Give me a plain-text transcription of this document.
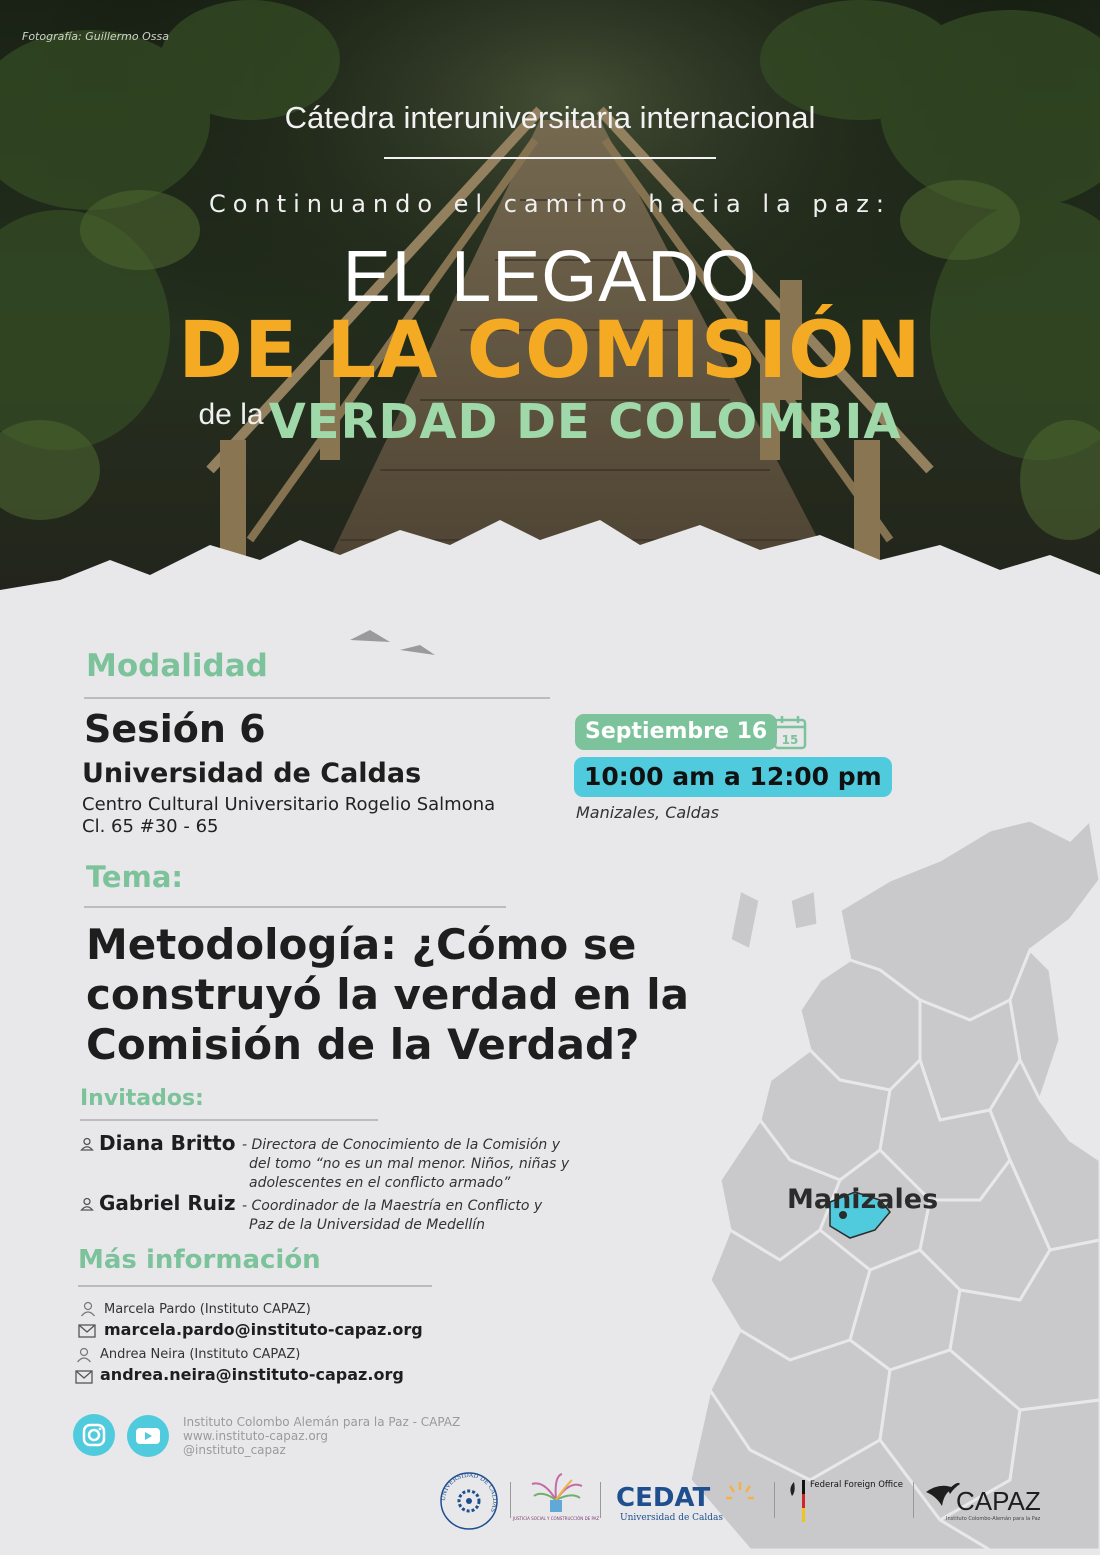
Fotografía: Guillermo Ossa
Cátedra interuniversitaria internacional
Continuando el camino hacia la paz:
EL LEGADO
DE LA COMISIÓN
de la VERDAD DE COLOMBIA
Manizales
Modalidad
Sesión 6
Universidad de Caldas
Centro Cultural Universitario Rogelio Salmona
Cl. 65 #30 - 65
Septiembre 16	15
10:00 am a 12:00 pm
Manizales, Caldas
Tema:
Metodología: ¿Cómo se
construyó la verdad en la
Comisión de la Verdad?
Invitados:
Diana Britto - Directora de Conocimiento de la Comisión y
del tomo “no es un mal menor. Niños, niñas y
adolescentes en el conflicto armado”
Gabriel Ruiz - Coordinador de la Maestría en Conflicto y
Paz de la Universidad de Medellín
Más información
Marcela Pardo (Instituto CAPAZ)
marcela.pardo@instituto-capaz.org
Andrea Neira (Instituto CAPAZ)
andrea.neira@instituto-capaz.org
Instituto Colombo Alemán para la Paz - CAPAZ
www.instituto-capaz.org
@instituto_capaz
UNIVERSIDAD DE CALDAS
JUSTICIA SOCIAL Y CONSTRUCCIÓN DE PAZ
CEDAT
Universidad de Caldas
Federal Foreign Office
CAPAZ
Instituto Colombo-Alemán para la Paz
